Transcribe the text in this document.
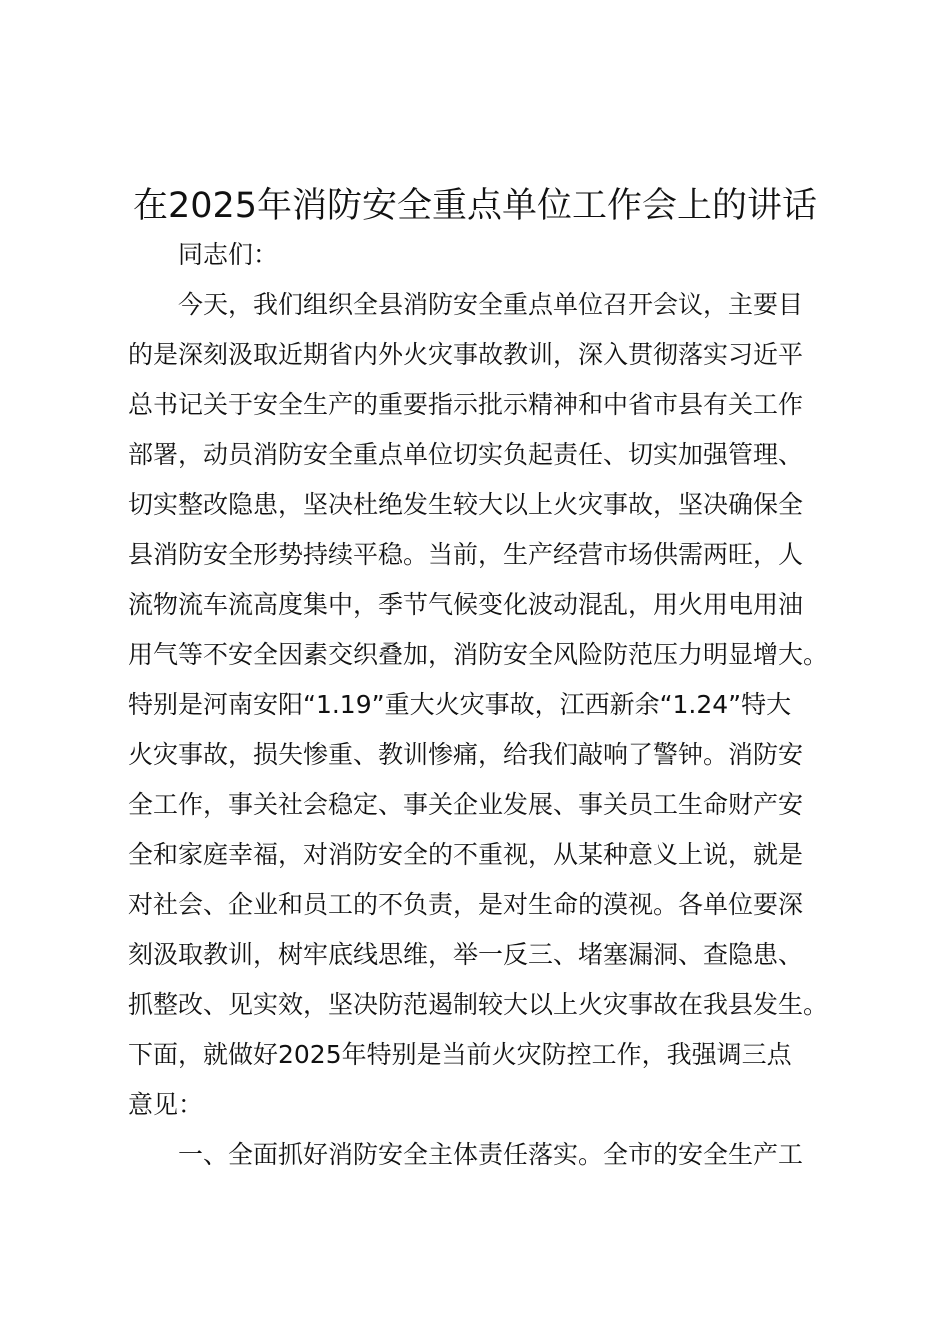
在2025年消防安全重点单位工作会上的讲话
同志们：
今天，我们组织全县消防安全重点单位召开会议，主要目
的是深刻汲取近期省内外火灾事故教训，深入贯彻落实习近平
总书记关于安全生产的重要指示批示精神和中省市县有关工作
部署，动员消防安全重点单位切实负起责任、切实加强管理、
切实整改隐患，坚决杜绝发生较大以上火灾事故，坚决确保全
县消防安全形势持续平稳。当前，生产经营市场供需两旺，人
流物流车流高度集中，季节气候变化波动混乱，用火用电用油
用气等不安全因素交织叠加，消防安全风险防范压力明显增大。
特别是河南安阳“1.19”重大火灾事故，江西新余“1.24”特大
火灾事故，损失惨重、教训惨痛，给我们敲响了警钟。消防安
全工作，事关社会稳定、事关企业发展、事关员工生命财产安
全和家庭幸福，对消防安全的不重视，从某种意义上说，就是
对社会、企业和员工的不负责，是对生命的漠视。各单位要深
刻汲取教训，树牢底线思维，举一反三、堵塞漏洞、查隐患、
抓整改、见实效，坚决防范遏制较大以上火灾事故在我县发生。
下面，就做好2025年特别是当前火灾防控工作，我强调三点
意见：
一、全面抓好消防安全主体责任落实。全市的安全生产工
